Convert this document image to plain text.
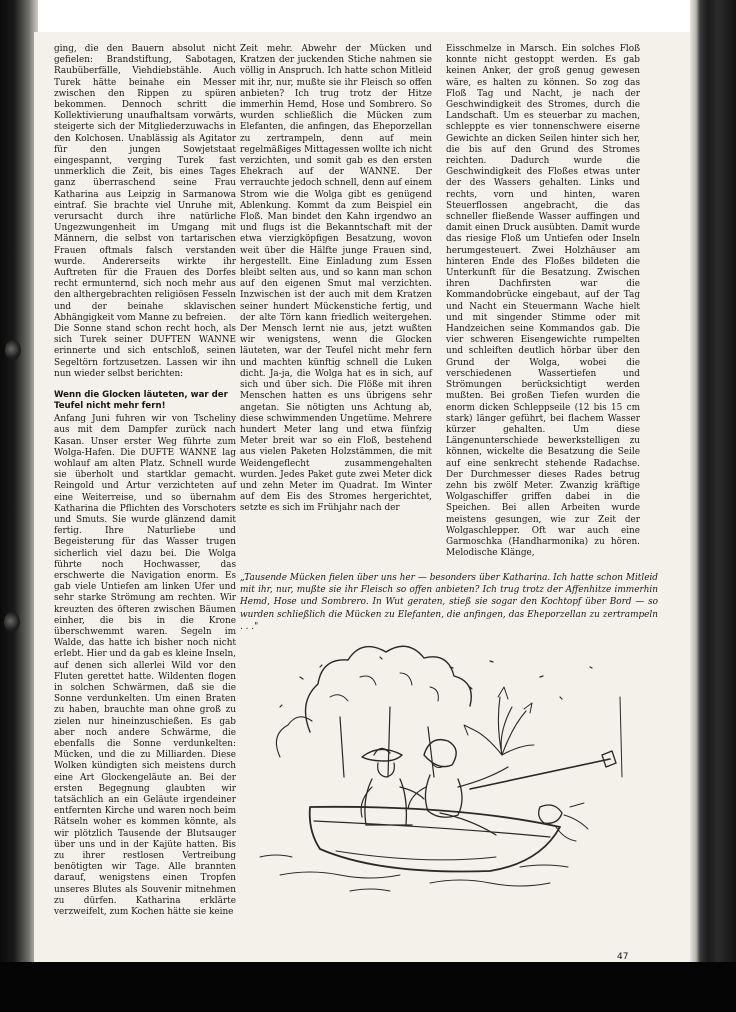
ging, die den Bauern absolut nicht gefielen: Brandstiftung, Sabotagen, Raubüberfälle, Viehdiebstähle. Auch Turek hätte beinahe ein Messer zwischen den Rippen zu spüren bekommen. Dennoch schritt die Kollektivierung unaufhaltsam vorwärts, steigerte sich der Mitgliederzuwachs in den Kolchosen. Unablässig als Agitator für den jungen Sowjetstaat eingespannt, verging Turek fast unmerklich die Zeit, bis eines Tages ganz überraschend seine Frau Katharina aus Leipzig in Sarmanowa eintraf. Sie brachte viel Unruhe mit, verursacht durch ihre natürliche Ungezwungenheit im Umgang mit Männern, die selbst von tartarischen Frauen oftmals falsch verstanden wurde. Andererseits wirkte ihr Auftreten für die Frauen des Dorfes recht ermunternd, sich noch mehr aus den althergebrachten religiösen Fesseln und der beinahe sklavischen Abhängigkeit vom Manne zu befreien.

Die Sonne stand schon recht hoch, als sich Turek seiner DUFTEN WANNE erinnerte und sich entschloß, seinen Segeltörn fortzusetzen. Lassen wir ihn nun wieder selbst berichten:

Wenn die Glocken läuteten, war der Teufel nicht mehr fern!

Anfang Juni fuhren wir von Tscheliny aus mit dem Dampfer zurück nach Kasan. Unser erster Weg führte zum Wolga-Hafen. Die DUFTE WANNE lag wohlauf am alten Platz. Schnell wurde sie überholt und startklar gemacht. Reingold und Artur verzichteten auf eine Weiterreise, und so übernahm Katharina die Pflichten des Vorschoters und Smuts. Sie wurde glänzend damit fertig. Ihre Naturliebe und Begeisterung für das Wasser trugen sicherlich viel dazu bei. Die Wolga führte noch Hochwasser, das erschwerte die Navigation enorm. Es gab viele Untiefen am linken Ufer und sehr starke Strömung am rechten. Wir kreuzten des öfteren zwischen Bäumen einher, die bis in die Krone überschwemmt waren. Segeln im Walde, das hatte ich bisher noch nicht erlebt. Hier und da gab es kleine Inseln, auf denen sich allerlei Wild vor den Fluten gerettet hatte. Wildenten flogen in solchen Schwärmen, daß sie die Sonne verdunkelten. Um einen Braten zu haben, brauchte man ohne groß zu zielen nur hineinzuschießen. Es gab aber noch andere Schwärme, die ebenfalls die Sonne verdunkelten: Mücken, und die zu Milliarden. Diese Wolken kündigten sich meistens durch eine Art Glockengeläute an. Bei der ersten Begegnung glaubten wir tatsächlich an ein Geläute irgendeiner entfernten Kirche und waren noch beim Rätseln woher es kommen könnte, als wir plötzlich Tausende der Blutsauger über uns und in der Kajüte hatten. Bis zu ihrer restlosen Vertreibung benötigten wir Tage. Alle brannten darauf, wenigstens einen Tropfen unseres Blutes als Souvenir mitnehmen zu dürfen. Katharina erklärte verzweifelt, zum Kochen hätte sie keine

Zeit mehr. Abwehr der Mücken und Kratzen der juckenden Stiche nahmen sie völlig in Anspruch. Ich hatte schon Mitleid mit ihr, nur, mußte sie ihr Fleisch so offen anbieten? Ich trug trotz der Hitze immerhin Hemd, Hose und Sombrero. So wurden schließlich die Mücken zum Elefanten, die anfingen, das Eheporzellan zu zertrampeln, denn auf mein regelmäßiges Mittagessen wollte ich nicht verzichten, und somit gab es den ersten Ehekrach auf der WANNE. Der verrauchte jedoch schnell, denn auf einem Strom wie die Wolga gibt es genügend Ablenkung. Kommt da zum Beispiel ein Floß. Man bindet den Kahn irgendwo an und flugs ist die Bekanntschaft mit der etwa vierzigköpfigen Besatzung, wovon weit über die Hälfte junge Frauen sind, hergestellt. Eine Einladung zum Essen bleibt selten aus, und so kann man schon auf den eigenen Smut mal verzichten. Inzwischen ist der auch mit dem Kratzen seiner hundert Mückenstiche fertig, und der alte Törn kann friedlich weitergehen. Der Mensch lernt nie aus, jetzt wußten wir wenigstens, wenn die Glocken läuteten, war der Teufel nicht mehr fern und machten künftig schnell die Luken dicht. Ja-ja, die Wolga hat es in sich, auf sich und über sich. Die Flöße mit ihren Menschen hatten es uns übrigens sehr angetan. Sie nötigten uns Achtung ab, diese schwimmenden Ungetüme. Mehrere hundert Meter lang und etwa fünfzig Meter breit war so ein Floß, bestehend aus vielen Paketen Holzstämmen, die mit Weidengeflecht zusammengehalten wurden. Jedes Paket gute zwei Meter dick und zehn Meter im Quadrat. Im Winter auf dem Eis des Stromes hergerichtet, setzte es sich im Frühjahr nach der

Eisschmelze in Marsch. Ein solches Floß konnte nicht gestoppt werden. Es gab keinen Anker, der groß genug gewesen wäre, es halten zu können. So zog das Floß Tag und Nacht, je nach der Geschwindigkeit des Stromes, durch die Landschaft. Um es steuerbar zu machen, schleppte es vier tonnenschwere eiserne Gewichte an dicken Seilen hinter sich her, die bis auf den Grund des Stromes reichten. Dadurch wurde die Geschwindigkeit des Floßes etwas unter der des Wassers gehalten. Links und rechts, vorn und hinten, waren Steuerflossen angebracht, die das schneller fließende Wasser auffingen und damit einen Druck ausübten. Damit wurde das riesige Floß um Untiefen oder Inseln herumgesteuert. Zwei Holzhäuser am hinteren Ende des Floßes bildeten die Unterkunft für die Besatzung. Zwischen ihren Dachfirsten war die Kommandobrücke eingebaut, auf der Tag und Nacht ein Steuermann Wache hielt und mit singender Stimme oder mit Handzeichen seine Kommandos gab. Die vier schweren Eisengewichte rumpelten und schleiften deutlich hörbar über den Grund der Wolga, wobei die verschiedenen Wassertiefen und Strömungen berücksichtigt werden mußten. Bei großen Tiefen wurden die enorm dicken Schleppseile (12 bis 15 cm stark) länger geführt, bei flachem Wasser kürzer gehalten. Um diese Längenunterschiede bewerkstelligen zu können, wickelte die Besatzung die Seile auf eine senkrecht stehende Radachse. Der Durchmesser dieses Rades betrug zehn bis zwölf Meter. Zwanzig kräftige Wolgaschiffer griffen dabei in die Speichen. Bei allen Arbeiten wurde meistens gesungen, wie zur Zeit der Wolgaschlepper. Oft war auch eine Garmoschka (Handharmonika) zu hören. Melodische Klänge,

„Tausende Mücken fielen über uns her — besonders über Katharina. Ich hatte schon Mitleid mit ihr, nur, mußte sie ihr Fleisch so offen anbieten? Ich trug trotz der Affenhitze immerhin Hemd, Hose und Sombrero. In Wut geraten, stieß sie sogar den Kochtopf über Bord — so wurden schließlich die Mücken zu Elefanten, die anfingen, das Eheporzellan zu zertrampeln . . ."
47
